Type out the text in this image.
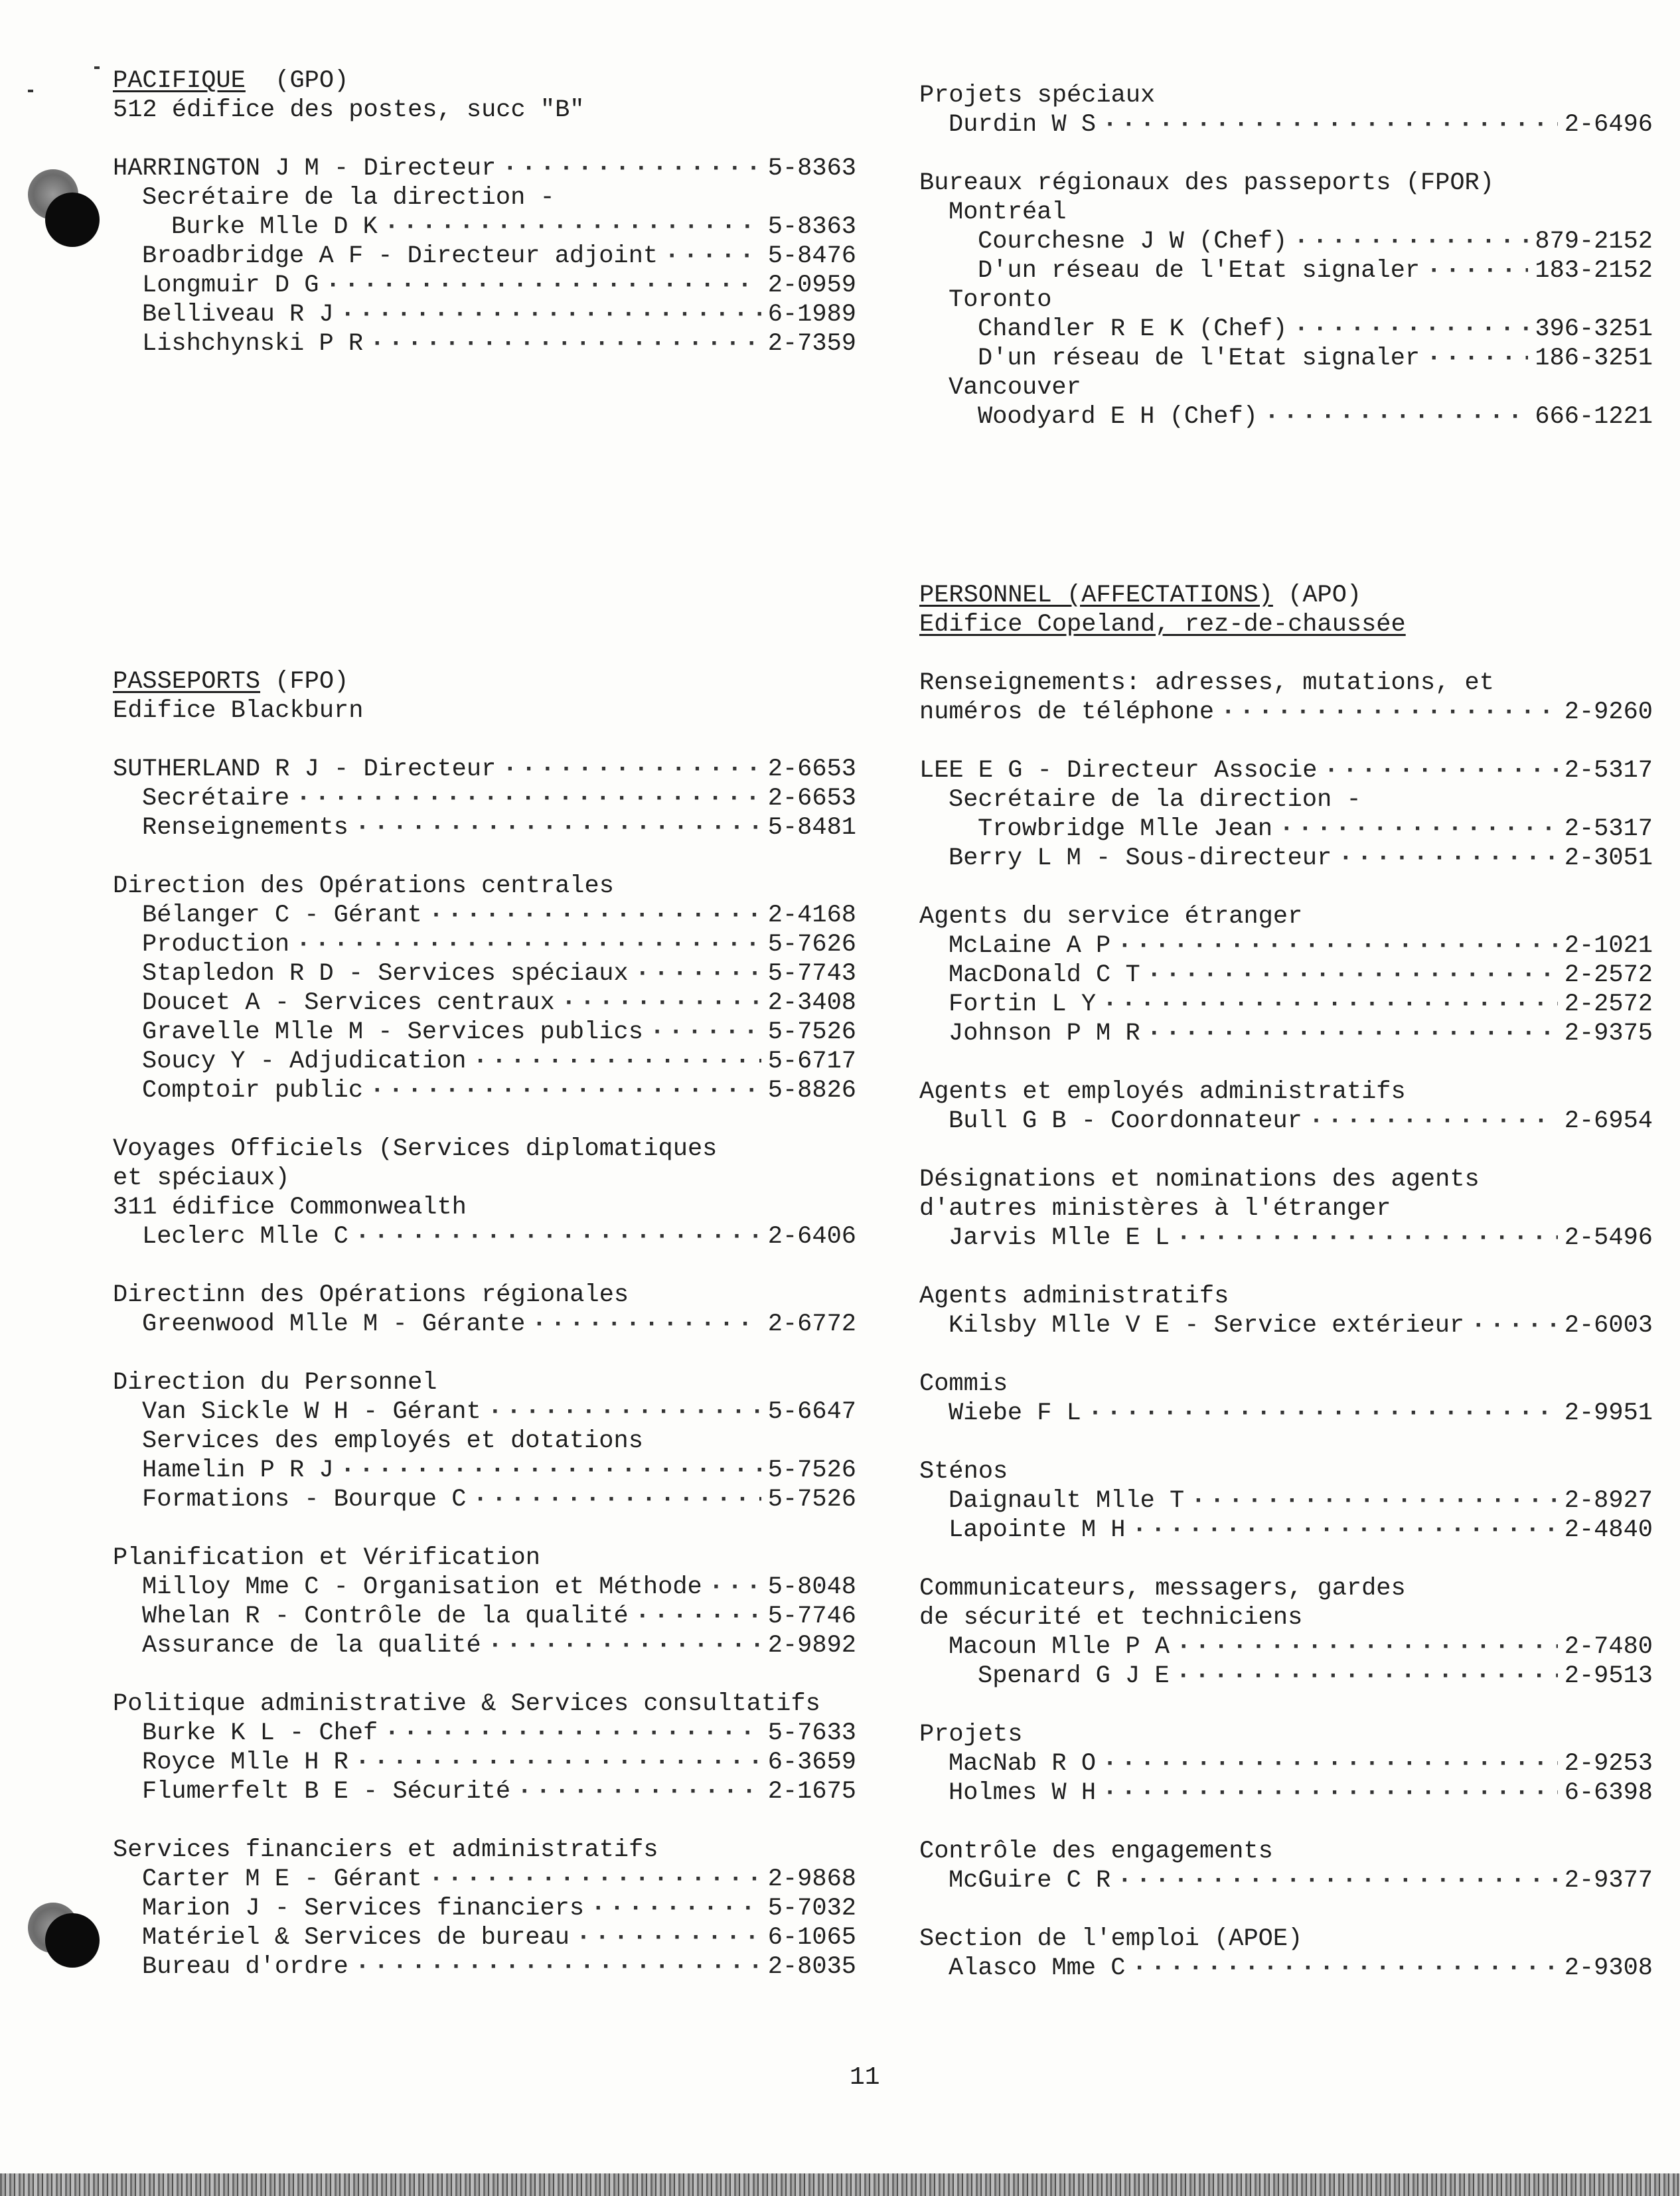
PACIFIQUE
(GPO)
512 édifice des postes, succ "B"
HARRINGTON J M - Directeur ·····	5-8363
Secrétaire de la direction -
Burke Mlle D K ·····	5-8363
Broadbridge A F - Directeur adjoint ·····	5-8476
Longmuir D G ·····	2-0959
Belliveau R J ·····	6-1989
Lishchynski P R ·····	2-7359
PASSEPORTS
(FPO)
Edifice Blackburn
SUTHERLAND R J - Directeur ·····	2-6653
Secrétaire ·····	2-6653
Renseignements ·····	5-8481
Direction des Opérations centrales
Bélanger C - Gérant ·····	2-4168
Production ·····	5-7626
Stapledon R D - Services spéciaux ·····	5-7743
Doucet A - Services centraux ·····	2-3408
Gravelle Mlle M - Services publics ·····	5-7526
Soucy Y - Adjudication ·····	5-6717
Comptoir public ·····	5-8826
Voyages Officiels (Services diplomatiques
et spéciaux)
311 édifice Commonwealth
Leclerc Mlle C ·····	2-6406
Directinn des Opérations régionales
Greenwood Mlle M - Gérante ·····	2-6772
Direction du Personnel
Van Sickle W H - Gérant ·····	5-6647
Services des employés et dotations
Hamelin P R J ·····	5-7526
Formations - Bourque C ·····	5-7526
Planification et Vérification
Milloy Mme C - Organisation et Méthode ·····	5-8048
Whelan R - Contrôle de la qualité ·····	5-7746
Assurance de la qualité ·····	2-9892
Politique administrative & Services consultatifs
Burke K L - Chef ·····	5-7633
Royce Mlle H R ·····	6-3659
Flumerfelt B E - Sécurité ·····	2-1675
Services financiers et administratifs
Carter M E - Gérant ·····	2-9868
Marion J - Services financiers ·····	5-7032
Matériel & Services de bureau ·····	6-1065
Bureau d'ordre ·····	2-8035
Projets spéciaux
Durdin W S ·····	2-6496
Bureaux régionaux des passeports (FPOR)
Montréal
Courchesne J W (Chef) ·····	879-2152
D'un réseau de l'Etat signaler ·····	183-2152
Toronto
Chandler R E K (Chef) ·····	396-3251
D'un réseau de l'Etat signaler ·····	186-3251
Vancouver
Woodyard E H (Chef) ·····	666-1221
PERSONNEL (AFFECTATIONS)
(APO)
Edifice Copeland, rez-de-chaussée
Renseignements: adresses, mutations, et
numéros de téléphone ·····	2-9260
LEE E G - Directeur Associe ·····	2-5317
Secrétaire de la direction -
Trowbridge Mlle Jean ·····	2-5317
Berry L M - Sous-directeur ·····	2-3051
Agents du service étranger
McLaine A P ·····	2-1021
MacDonald C T ·····	2-2572
Fortin L Y ·····	2-2572
Johnson P M R ·····	2-9375
Agents et employés administratifs
Bull G B - Coordonnateur ·····	2-6954
Désignations et nominations des agents
d'autres ministères à l'étranger
Jarvis Mlle E L ·····	2-5496
Agents administratifs
Kilsby Mlle V E - Service extérieur ·····	2-6003
Commis
Wiebe F L ·····	2-9951
Sténos
Daignault Mlle T ·····	2-8927
Lapointe M H ·····	2-4840
Communicateurs, messagers, gardes
de sécurité et techniciens
Macoun Mlle P A ·····	2-7480
Spenard G J E ·····	2-9513
Projets
MacNab R O ·····	2-9253
Holmes W H ·····	6-6398
Contrôle des engagements
McGuire C R ·····	2-9377
Section de l'emploi (APOE)
Alasco Mme C ·····	2-9308
11
